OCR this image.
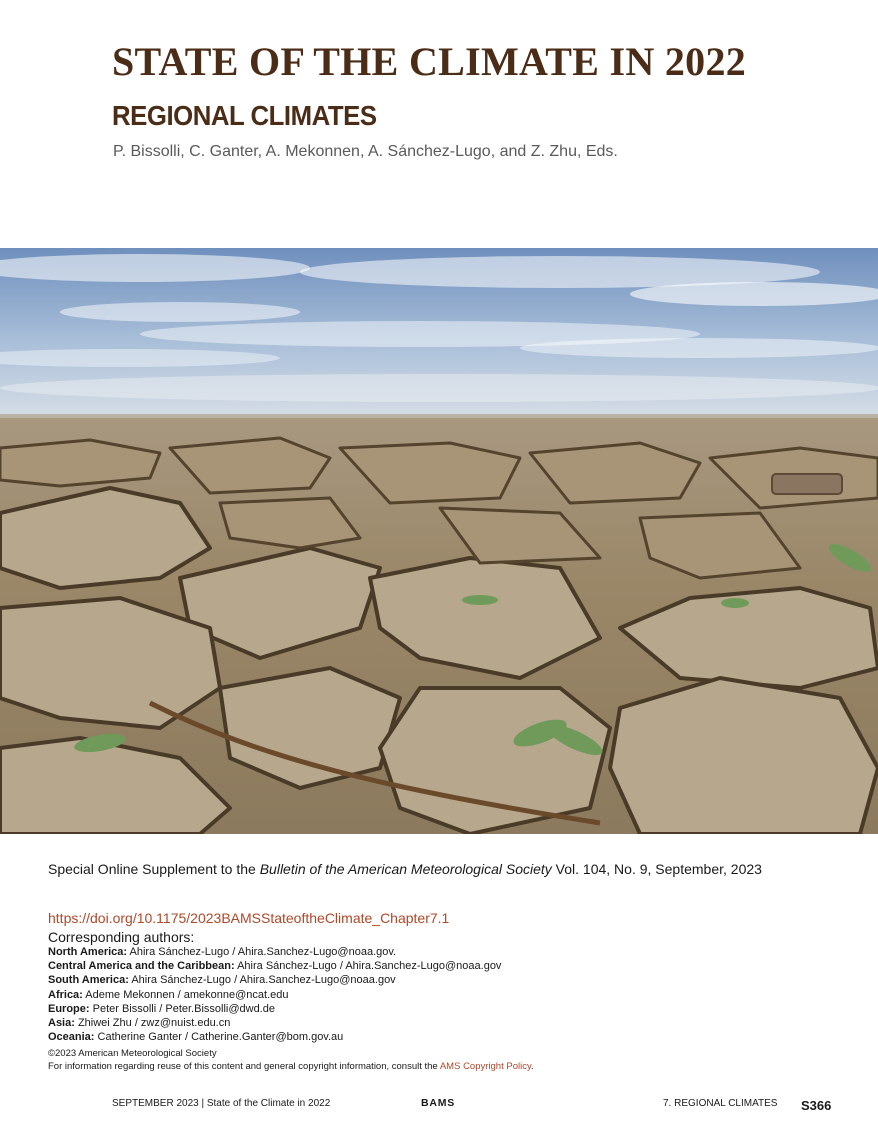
STATE OF THE CLIMATE IN 2022
REGIONAL CLIMATES
P. Bissolli, C. Ganter, A. Mekonnen, A. Sánchez-Lugo, and Z. Zhu, Eds.
Special Online Supplement to the Bulletin of the American Meteorological Society Vol. 104, No. 9, September, 2023
https://doi.org/10.1175/2023BAMSStateoftheClimate_Chapter7.1
Corresponding authors:
North America: Ahira Sánchez-Lugo / Ahira.Sanchez-Lugo@noaa.gov.
Central America and the Caribbean: Ahira Sánchez-Lugo / Ahira.Sanchez-Lugo@noaa.gov
South America: Ahira Sánchez-Lugo / Ahira.Sanchez-Lugo@noaa.gov
Africa: Ademe Mekonnen / amekonne@ncat.edu
Europe: Peter Bissolli / Peter.Bissolli@dwd.de
Asia: Zhiwei Zhu / zwz@nuist.edu.cn
Oceania: Catherine Ganter / Catherine.Ganter@bom.gov.au
©2023 American Meteorological Society
For information regarding reuse of this content and general copyright information, consult the AMS Copyright Policy.
SEPTEMBER 2023 | State of the Climate in 2022	BAMS	7. REGIONAL CLIMATES S366
